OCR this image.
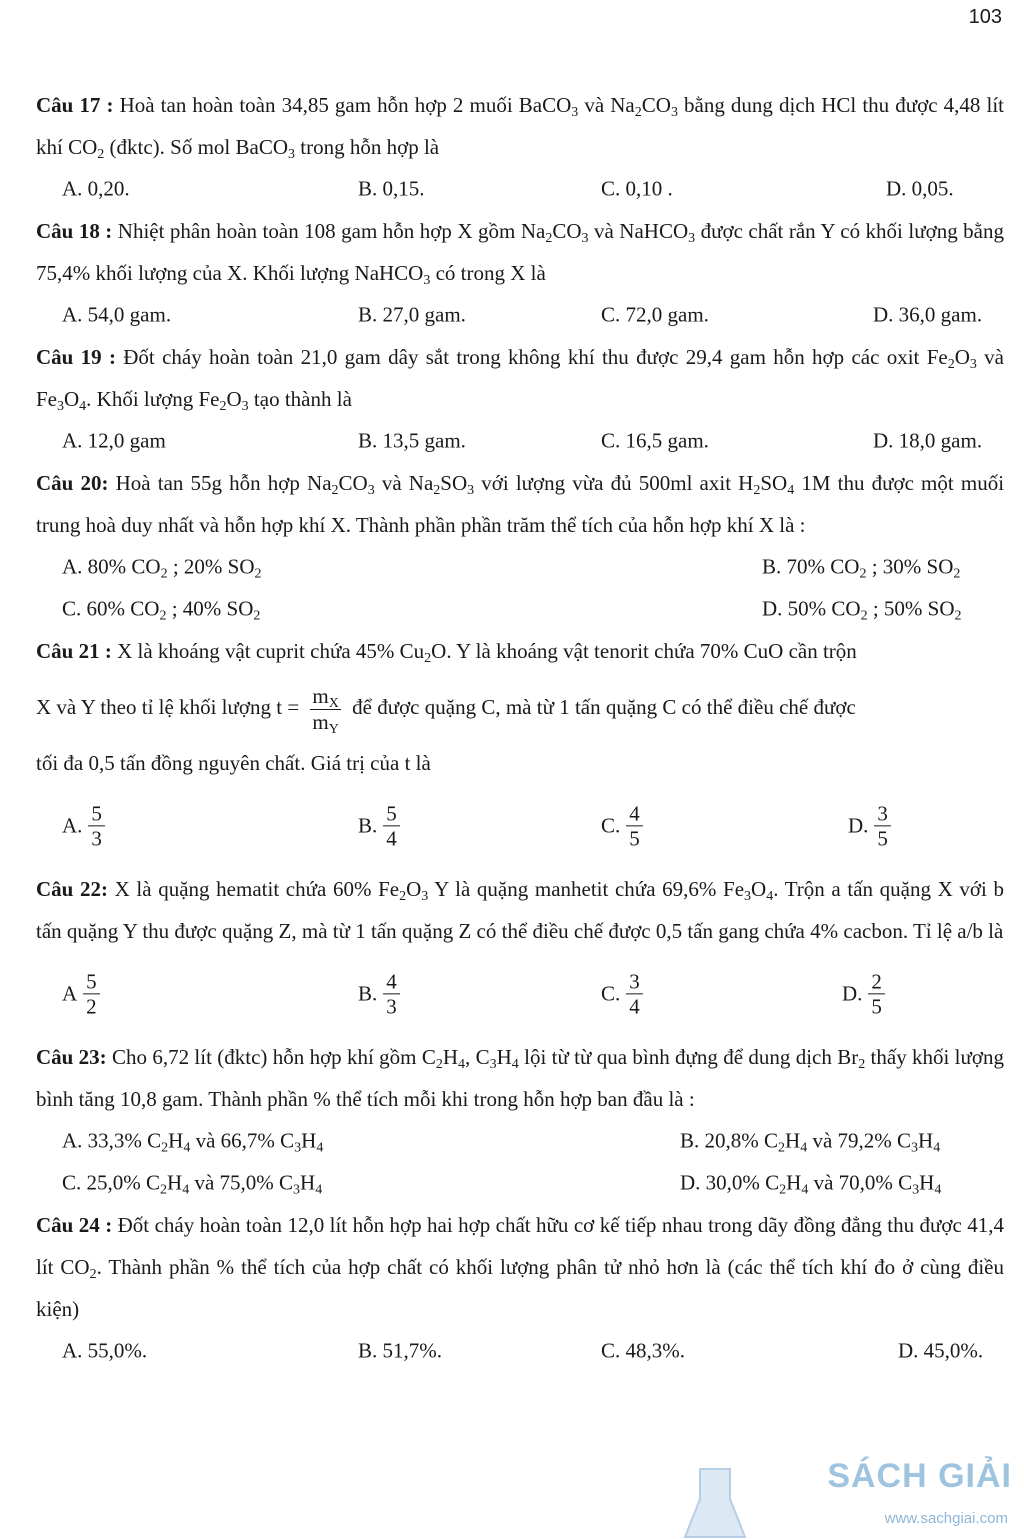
103
Câu 17 : Hoà tan hoàn toàn 34,85 gam hỗn hợp 2 muối BaCO$_3$ và $Na_2CO_3$ bằng dung dịch HCl thu được 4,48 lít khí $CO_2$ (đktc). Số mol BaCO$_3$ trong hỗn hợp là
A. 0,20.	B. 0,15.	C. 0,10 .	D. 0,05.
Câu 18 : Nhiệt phân hoàn toàn 108 gam hỗn hợp X gồm $Na_2CO_3$ và NaHCO$_3$ được chất rắn Y có khối lượng bằng 75,4% khối lượng của X. Khối lượng NaHCO$_3$ có trong X là
A. 54,0 gam.	B. 27,0 gam.	C. 72,0 gam.	D. 36,0 gam.
Câu 19 : Đốt cháy hoàn toàn 21,0 gam dây sắt trong không khí thu được 29,4 gam hỗn hợp các oxit $Fe_2O_3$ và $Fe_3O_4$. Khối lượng $Fe_2O_3$ tạo thành là
A. 12,0 gam	B. 13,5 gam.	C. 16,5 gam.	D. 18,0 gam.
Câu 20: Hoà tan 55g hỗn hợp $Na_2CO_3$ và $Na_2SO_3$ với lượng vừa đủ 500ml axit $H_2SO_4$ 1M thu được một muối trung hoà duy nhất và hỗn hợp khí X. Thành phần phần trăm thể tích của hỗn hợp khí X là :
A. 80% $CO_2$ ; 20% $SO_2$	B. 70% $CO_2$ ; 30% $SO_2$
C. 60% $CO_2$ ; 40% $SO_2$	D. 50% $CO_2$ ; 50% $SO_2$
Câu 21 : X là khoáng vật cuprit chứa 45% $Cu_2O$. Y là khoáng vật tenorit chứa 70% CuO cần trộn
X và Y theo tỉ lệ khối lượng $t = \frac{m_X}{m_Y}$ để được quặng C, mà từ 1 tấn quặng C có thể điều chế được
tối đa 0,5 tấn đồng nguyên chất. Giá trị của t là
A. $\frac{5}{3}$	B. $\frac{5}{4}$	C. $\frac{4}{5}$	D. $\frac{3}{5}$
Câu 22: X là quặng hematit chứa 60% $Fe_2O_3$ Y là quặng manhetit chứa 69,6% $Fe_3O_4$. Trộn a tấn quặng X với b tấn quặng Y thu được quặng Z, mà từ 1 tấn quặng Z có thể điều chế được 0,5 tấn gang chứa 4% cacbon. Tỉ lệ a/b là
A $\frac{5}{2}$	B. $\frac{4}{3}$	C. $\frac{3}{4}$	D. $\frac{2}{5}$
Câu 23: Cho 6,72 lít (đktc) hỗn hợp khí gồm $C_2H_4$, $C_3H_4$ lội từ từ qua bình đựng để dung dịch $Br_2$ thấy khối lượng bình tăng 10,8 gam. Thành phần % thể tích mỗi khi trong hỗn hợp ban đầu là :
A. 33,3% $C_2H_4$ và 66,7% $C_3H_4$	B. 20,8% $C_2H_4$ và 79,2% $C_3H_4$
C. 25,0% $C_2H_4$ và 75,0% $C_3H_4$	D. 30,0% $C_2H_4$ và 70,0% $C_3H_4$
Câu 24 : Đốt cháy hoàn toàn 12,0 lít hỗn hợp hai hợp chất hữu cơ kế tiếp nhau trong dãy đồng đẳng thu được 41,4 lít $CO_2$. Thành phần % thể tích của hợp chất có khối lượng phân tử nhỏ hơn là (các thể tích khí đo ở cùng điều kiện)
A. 55,0%.	B. 51,7%.	C. 48,3%.	D. 45,0%.
SÁCH GIẢI
www.sachgiai.com
